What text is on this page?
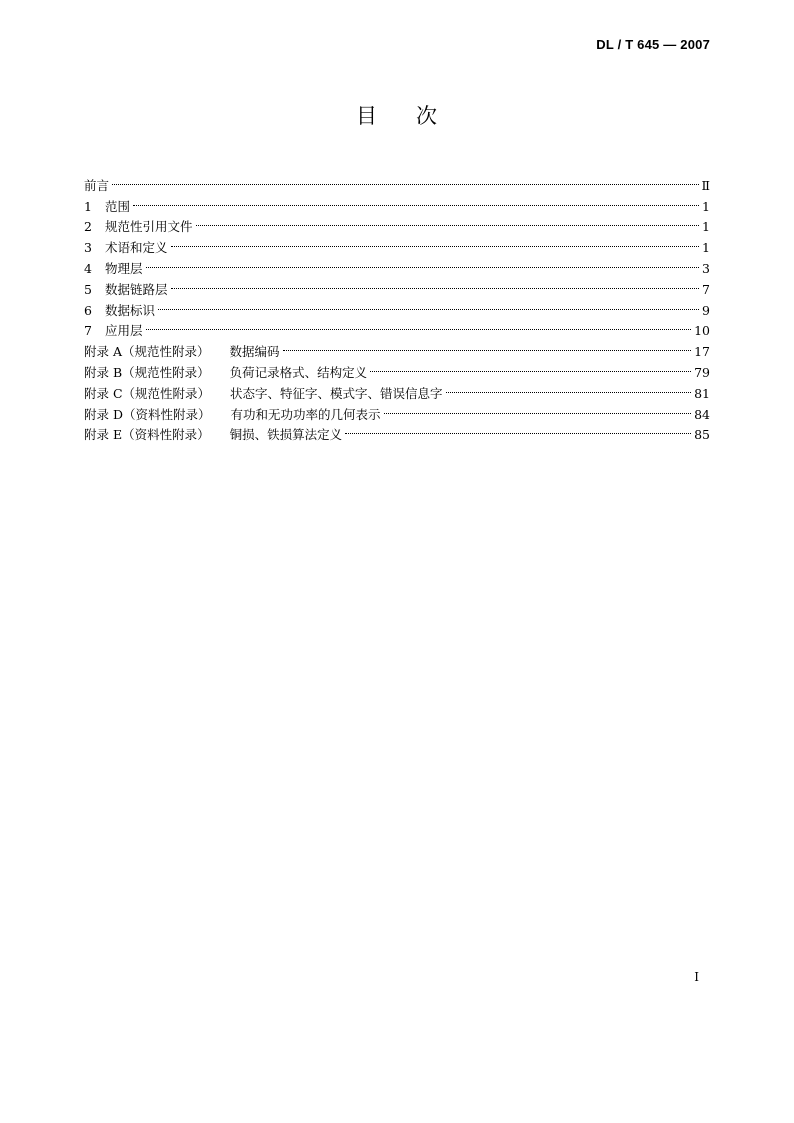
DL / T 645 — 2007
目 次
前言	Ⅱ
1	范围	1
2	规范性引用文件	1
3	术语和定义	1
4	物理层	3
5	数据链路层	7
6	数据标识	9
7	应用层	10
附录 A（规范性附录） 数据编码	17
附录 B（规范性附录） 负荷记录格式、结构定义	79
附录 C（规范性附录） 状态字、特征字、模式字、错误信息字	81
附录 D（资料性附录） 有功和无功功率的几何表示	84
附录 E（资料性附录） 铜损、铁损算法定义	85
I
